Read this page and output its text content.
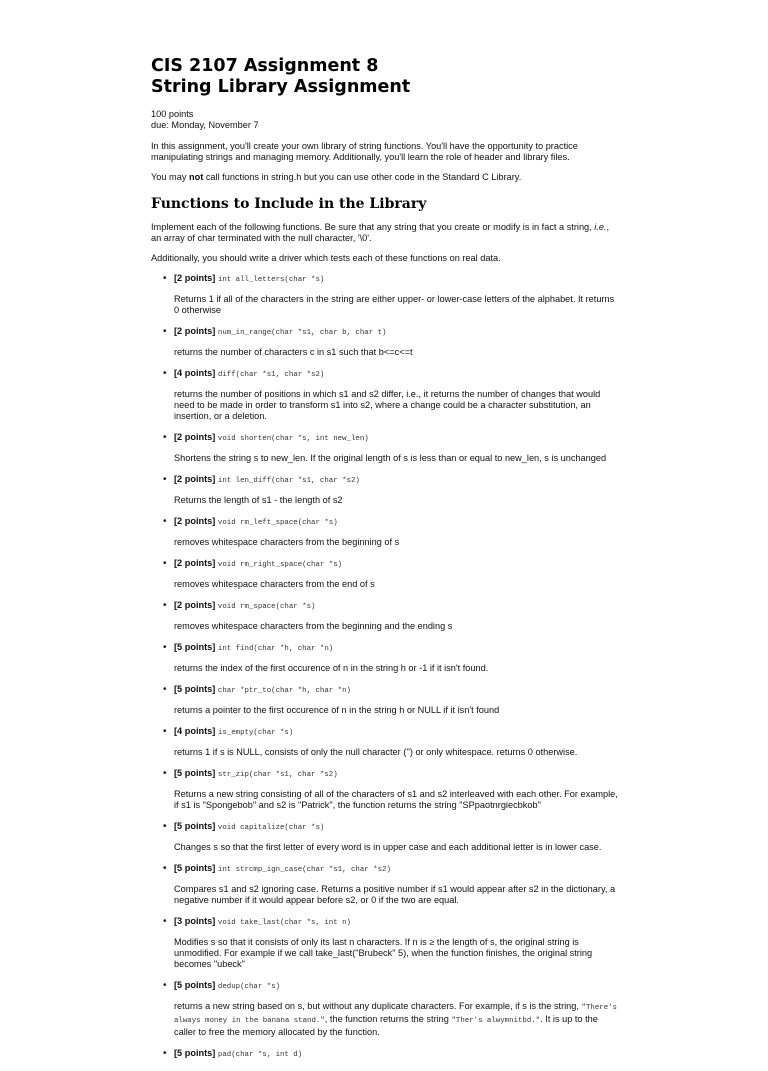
CIS 2107 Assignment 8
String Library Assignment
100 points
due: Monday, November 7

In this assignment, you'll create your own library of string functions. You'll have the opportunity to practice manipulating strings and managing memory. Additionally, you'll learn the role of header and library files.

You may not call functions in string.h but you can use other code in the Standard C Library.

Functions to Include in the Library

Implement each of the following functions. Be sure that any string that you create or modify is in fact a string, i.e., an array of char terminated with the null character, '\0'.

Additionally, you should write a driver which tests each of these functions on real data.

• [2 points] int all_letters(char *s)

Returns 1 if all of the characters in the string are either upper- or lower-case letters of the alphabet. It returns 0 otherwise

• [2 points] num_in_range(char *s1, char b, char t)

returns the number of characters c in s1 such that b<=c<=t

• [4 points] diff(char *s1, char *s2)

returns the number of positions in which s1 and s2 differ, i.e., it returns the number of changes that would need to be made in order to transform s1 into s2, where a change could be a character substitution, an insertion, or a deletion.

• [2 points] void shorten(char *s, int new_len)

Shortens the string s to new_len. If the original length of s is less than or equal to new_len, s is unchanged

• [2 points] int len_diff(char *s1, char *s2)

Returns the length of s1 - the length of s2

• [2 points] void rm_left_space(char *s)

removes whitespace characters from the beginning of s

• [2 points] void rm_right_space(char *s)

removes whitespace characters from the end of s

• [2 points] void rm_space(char *s)

removes whitespace characters from the beginning and the ending s

• [5 points] int find(char *h, char *n)

returns the index of the first occurence of n in the string h or -1 if it isn't found.

• [5 points] char *ptr_to(char *h, char *n)

returns a pointer to the first occurence of n in the string h or NULL if it isn't found

• [4 points] is_empty(char *s)

returns 1 if s is NULL, consists of only the null character ('') or only whitespace. returns 0 otherwise.

• [5 points] str_zip(char *s1, char *s2)

Returns a new string consisting of all of the characters of s1 and s2 interleaved with each other. For example, if s1 is "Spongebob" and s2 is "Patrick", the function returns the string "SPpaotnrgiecbkob"

• [5 points] void capitalize(char *s)

Changes s so that the first letter of every word is in upper case and each additional letter is in lower case.

• [5 points] int strcmp_ign_case(char *s1, char *s2)

Compares s1 and s2 ignoring case. Returns a positive number if s1 would appear after s2 in the dictionary, a negative number if it would appear before s2, or 0 if the two are equal.

• [3 points] void take_last(char *s, int n)

Modifies s so that it consists of only its last n characters. If n is ≥ the length of s, the original string is unmodified. For example if we call take_last("Brubeck" 5), when the function finishes, the original string becomes "ubeck"

• [5 points] dedup(char *s)

returns a new string based on s, but without any duplicate characters. For example, if s is the string, "There's always money in the banana stand.", the function returns the string "Ther's alwymnitbd.". It is up to the caller to free the memory allocated by the function.

• [5 points] pad(char *s, int d)
